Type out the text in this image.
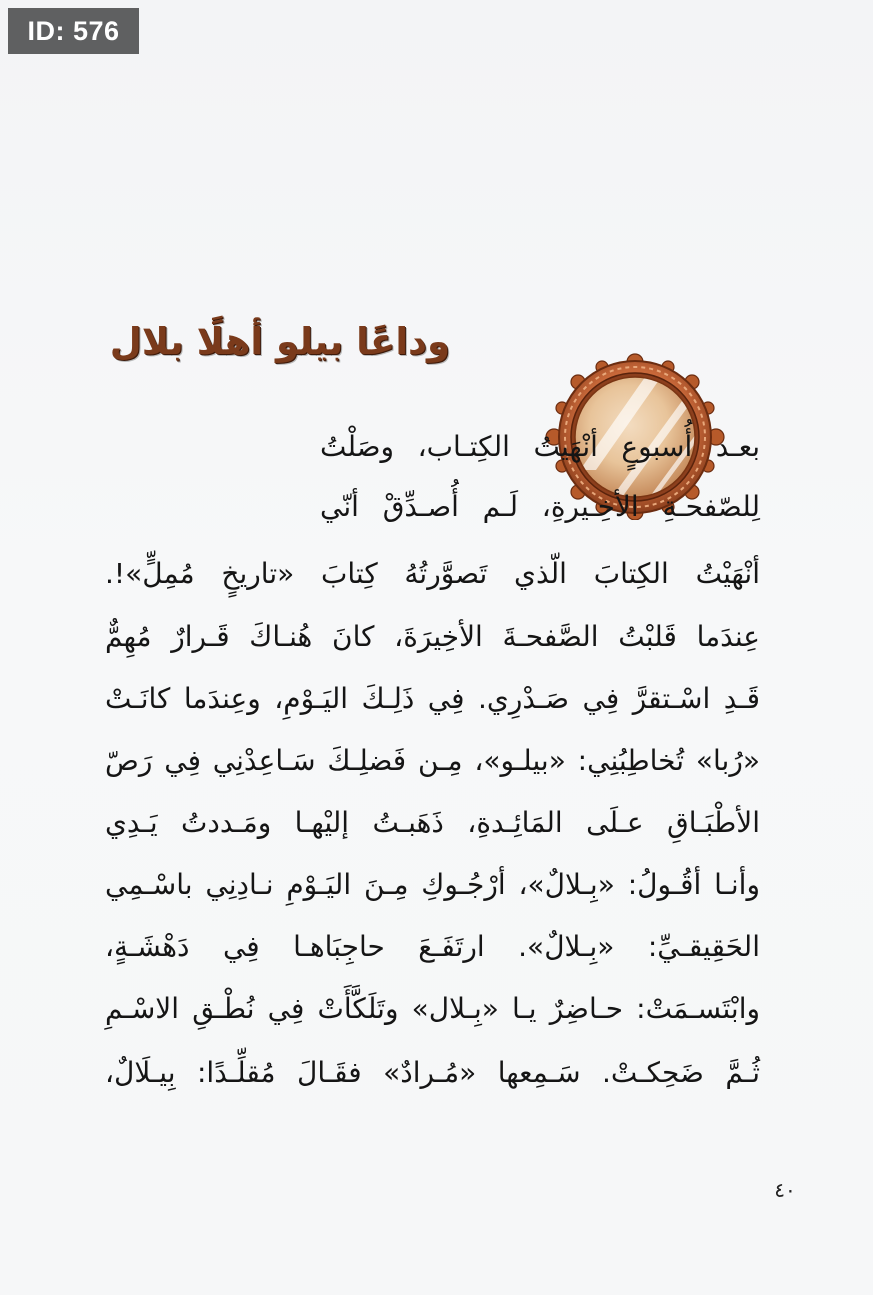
ID: 576
وداعًا بيلو أهلًا بلال
بعـد أُسبوعٍ أنْهَيتُ الكِتـاب، وصَلْتُ
لِلصّفحـةِ الأخِـيرةِ، لَـم أُصـدِّقْ أنّي
أنْهَيْتُ الكِتابَ الّذي تَصوَّرتُهُ كِتابَ «تاريخٍ مُمِلٍّ»!.
عِندَما قَلبْتُ الصَّفحـةَ الأخِيرَةَ، كانَ هُنـاكَ قَـرارٌ مُهِمٌّ
قَـدِ اسْـتقرَّ فِي صَـدْرِي. فِي ذَلِـكَ اليَـوْمِ، وعِندَما كانَـتْ
«رُبا» تُخاطِبُنِي: «بيلـو»، مِـن فَضلِـكَ سَـاعِدْنِي فِي رَصّ
الأطْبَـاقِ عـلَى المَائِـدةِ، ذَهَبـتُ إليْهـا ومَـددتُ يَـدِي
وأنـا أقُـولُ: «بِـلالٌ»، أرْجُـوكِ مِـنَ اليَـوْمِ نـادِنِي باسْـمِي
الحَقِيقـيِّ: «بِـلالٌ». ارتَفَـعَ حاجِبَاهـا فِي دَهْشَـةٍ،
وابْتَسـمَتْ: حـاضِرٌ يـا «بِـلال» وتَلَكَّأَتْ فِي نُطْـقِ الاسْـمِ
ثُـمَّ ضَحِكـتْ. سَـمِعها «مُـرادٌ» فقَـالَ مُقلِّـدًا: بِيـلَالٌ،
٤٠
